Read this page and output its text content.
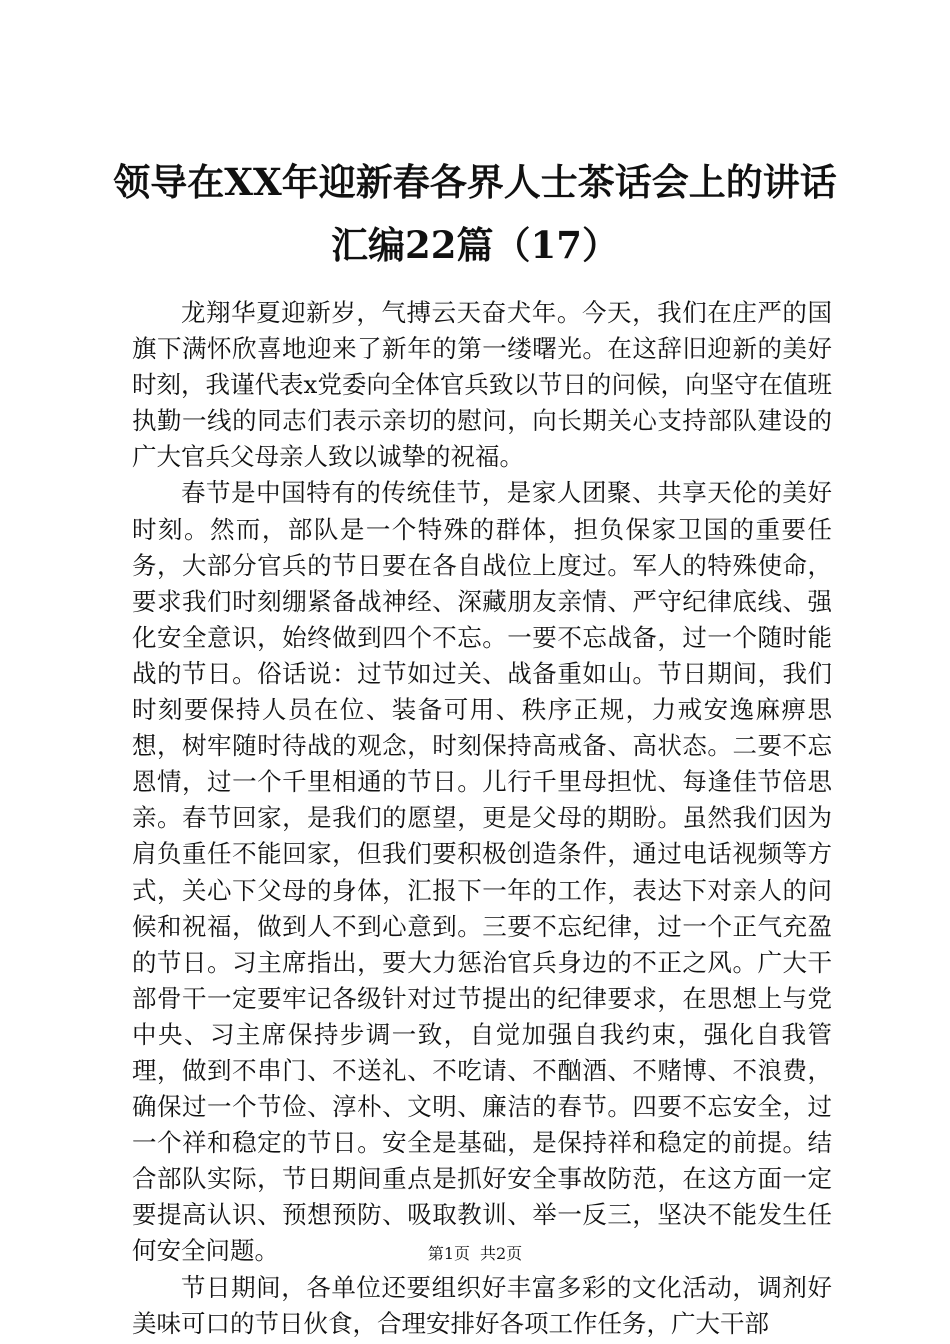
领导在XX年迎新春各界人士茶话会上的讲话
汇编22篇（17）

龙翔华夏迎新岁，气搏云天奋犬年。今天，我们在庄严的国旗下满怀欣喜地迎来了新年的第一缕曙光。在这辞旧迎新的美好时刻，我谨代表x党委向全体官兵致以节日的问候，向坚守在值班执勤一线的同志们表示亲切的慰问，向长期关心支持部队建设的广大官兵父母亲人致以诚挚的祝福。

春节是中国特有的传统佳节，是家人团聚、共享天伦的美好时刻。然而，部队是一个特殊的群体，担负保家卫国的重要任务，大部分官兵的节日要在各自战位上度过。军人的特殊使命，要求我们时刻绷紧备战神经、深藏朋友亲情、严守纪律底线、强化安全意识，始终做到四个不忘。一要不忘战备，过一个随时能战的节日。俗话说：过节如过关、战备重如山。节日期间，我们时刻要保持人员在位、装备可用、秩序正规，力戒安逸麻痹思想，树牢随时待战的观念，时刻保持高戒备、高状态。二要不忘恩情，过一个千里相通的节日。儿行千里母担忧、每逢佳节倍思亲。春节回家，是我们的愿望，更是父母的期盼。虽然我们因为肩负重任不能回家，但我们要积极创造条件，通过电话视频等方式，关心下父母的身体，汇报下一年的工作，表达下对亲人的问候和祝福，做到人不到心意到。三要不忘纪律，过一个正气充盈的节日。习主席指出，要大力惩治官兵身边的不正之风。广大干部骨干一定要牢记各级针对过节提出的纪律要求，在思想上与党中央、习主席保持步调一致，自觉加强自我约束，强化自我管理，做到不串门、不送礼、不吃请、不酗酒、不赌博、不浪费，确保过一个节俭、淳朴、文明、廉洁的春节。四要不忘安全，过一个祥和稳定的节日。安全是基础，是保持祥和稳定的前提。结合部队实际，节日期间重点是抓好安全事故防范，在这方面一定要提高认识、预想预防、吸取教训、举一反三，坚决不能发生任何安全问题。

节日期间，各单位还要组织好丰富多彩的文化活动，调剂好美味可口的节日伙食，合理安排好各项工作任务，广大干部

第1页 共2页
